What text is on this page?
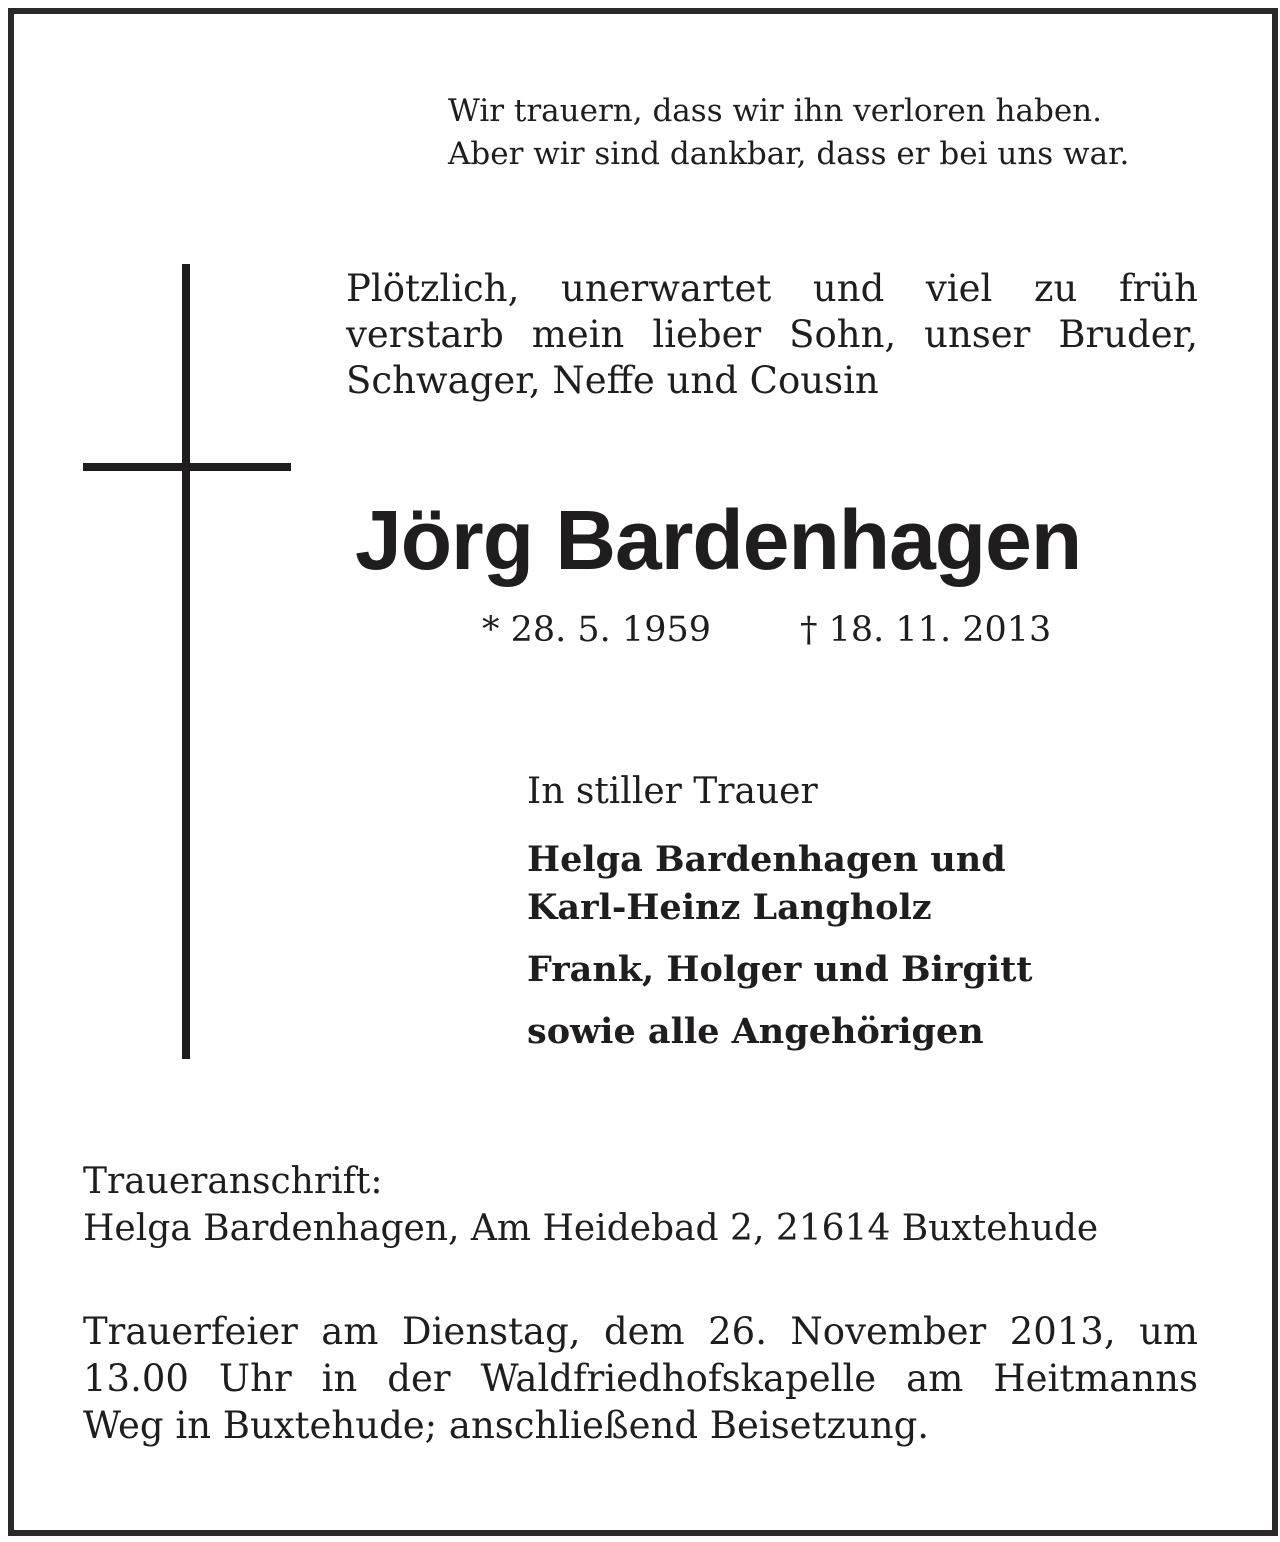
Wir trauern, dass wir ihn verloren haben.
Aber wir sind dankbar, dass er bei uns war.
Plötzlich, unerwartet und viel zu früh
verstarb mein lieber Sohn, unser Bruder,
Schwager, Neffe und Cousin
Jörg Bardenhagen
* 28. 5. 1959	† 18. 11. 2013
In stiller Trauer
Helga Bardenhagen und
Karl-Heinz Langholz
Frank, Holger und Birgitt
sowie alle Angehörigen
Traueranschrift:
Helga Bardenhagen, Am Heidebad 2, 21614 Buxtehude
Trauerfeier am Dienstag, dem 26. November 2013, um
13.00 Uhr in der Waldfriedhofskapelle am Heitmanns
Weg in Buxtehude; anschließend Beisetzung.
